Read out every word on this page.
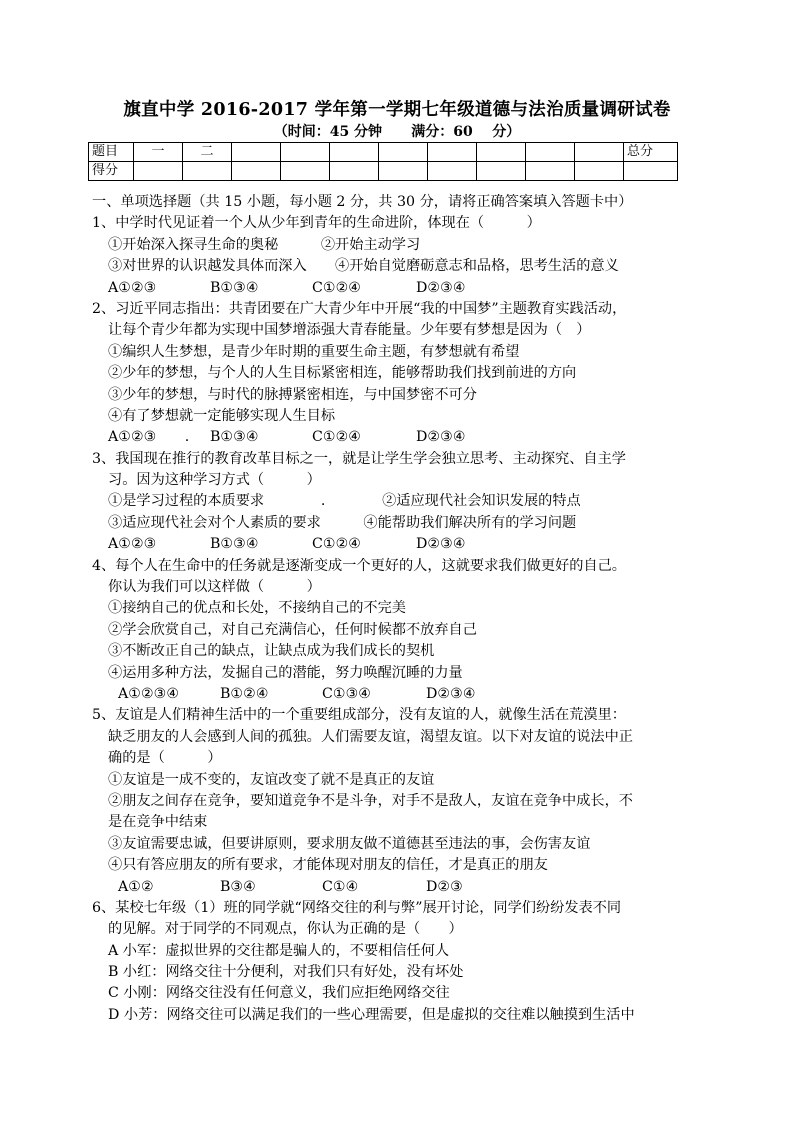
旗直中学 2016-2017 学年第一学期七年级道德与法治质量调研试卷
（时间：45 分钟      满分：60    分）
题目	一	二									总分
得分											
一、单项选择题（共 15 小题，每小题 2 分，共 30 分，请将正确答案填入答题卡中）
1、中学时代见证着一个人从少年到青年的生命进阶，体现在（　　　）
①开始深入探寻生命的奥秘　　　②开始主动学习
③对世界的认识越发具体而深入　　④开始自觉磨砺意志和品格，思考生活的意义
A①②③	B①③④	C①②④	D②③④
2、习近平同志指出：共青团要在广大青少年中开展“我的中国梦”主题教育实践活动，
让每个青少年都为实现中国梦增添强大青春能量。少年要有梦想是因为（　）
①编织人生梦想，是青少年时期的重要生命主题，有梦想就有希望
②少年的梦想，与个人的人生目标紧密相连，能够帮助我们找到前进的方向
③少年的梦想，与时代的脉搏紧密相连，与中国梦密不可分
④有了梦想就一定能够实现人生目标
A①②③　　. B①③④	C①②④	D②③④
3、我国现在推行的教育改革目标之一，就是让学生学会独立思考、主动探究、自主学
习。因为这种学习方式（　　　）
①是学习过程的本质要求　　　　.　　　　②适应现代社会知识发展的特点
③适应现代社会对个人素质的要求　　　④能帮助我们解决所有的学习问题
A①②③	B①③④	C①②④	D②③④
4、每个人在生命中的任务就是逐渐变成一个更好的人，这就要求我们做更好的自己。
你认为我们可以这样做（　　　）
①接纳自己的优点和长处，不接纳自己的不完美
②学会欣赏自己，对自己充满信心，任何时候都不放弃自己
③不断改正自己的缺点，让缺点成为我们成长的契机
④运用多种方法，发掘自己的潜能，努力唤醒沉睡的力量
A①②③④	B①②④	C①③④	D②③④
5、友谊是人们精神生活中的一个重要组成部分，没有友谊的人，就像生活在荒漠里：
缺乏朋友的人会感到人间的孤独。人们需要友谊，渴望友谊。以下对友谊的说法中正
确的是（　　　）
①友谊是一成不变的，友谊改变了就不是真正的友谊
②朋友之间存在竞争，要知道竞争不是斗争，对手不是敌人，友谊在竞争中成长，不
是在竞争中结束
③友谊需要忠诚，但要讲原则，要求朋友做不道德甚至违法的事，会伤害友谊
④只有答应朋友的所有要求，才能体现对朋友的信任，才是真正的朋友
A①②	B③④	C①④	D②③
6、某校七年级（1）班的同学就“网络交往的利与弊”展开讨论，同学们纷纷发表不同
的见解。对于同学的不同观点，你认为正确的是（　　）
A 小军：虚拟世界的交往都是骗人的，不要相信任何人
B 小红：网络交往十分便利，对我们只有好处，没有坏处
C 小刚：网络交往没有任何意义，我们应拒绝网络交往
D 小芳：网络交往可以满足我们的一些心理需要，但是虚拟的交往难以触摸到生活中
